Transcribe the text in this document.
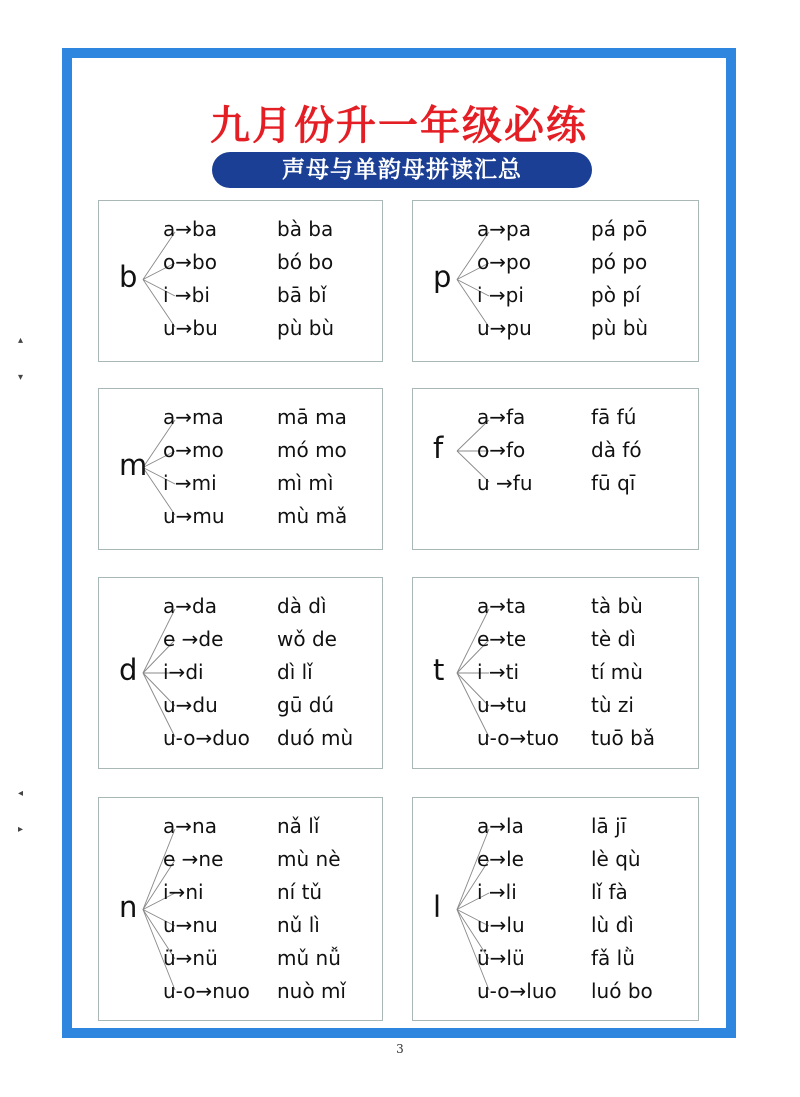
九月份升一年级必练
声母与单韵母拼读汇总
b
a→ba	bà ba
o→bo	bó bo
i →bi	bā bǐ
u→bu	pù bù
p
a→pa	pá pō
o→po	pó po
i →pi	pò pí
u→pu	pù bù
m
a→ma	mā ma
o→mo	mó mo
i →mi	mì mì
u→mu	mù mǎ
f
a→fa	fā fú
o→fo	dà fó
u →fu	fū qī
d
a→da	dà dì
e →de	wǒ de
i→di	dì lǐ
u→du	gū dú
u-o→duo duó mù
t
a→ta	tà bù
e→te	tè dì
i →ti	tí mù
u→tu	tù zi
u-o→tuo tuō bǎ
n
a→na	nǎ lǐ
e →ne	mù nè
i→ni	ní tǔ
u→nu	nǔ lì
ü→nü	mǔ nǚ
u-o→nuo nuò mǐ
l
a→la	lā jī
e→le	lè qù
i →li	lǐ fà
u→lu	lù dì
ü→lü	fǎ lǜ
u-o→luo luó bo
3
▴
▾
◂
▸
